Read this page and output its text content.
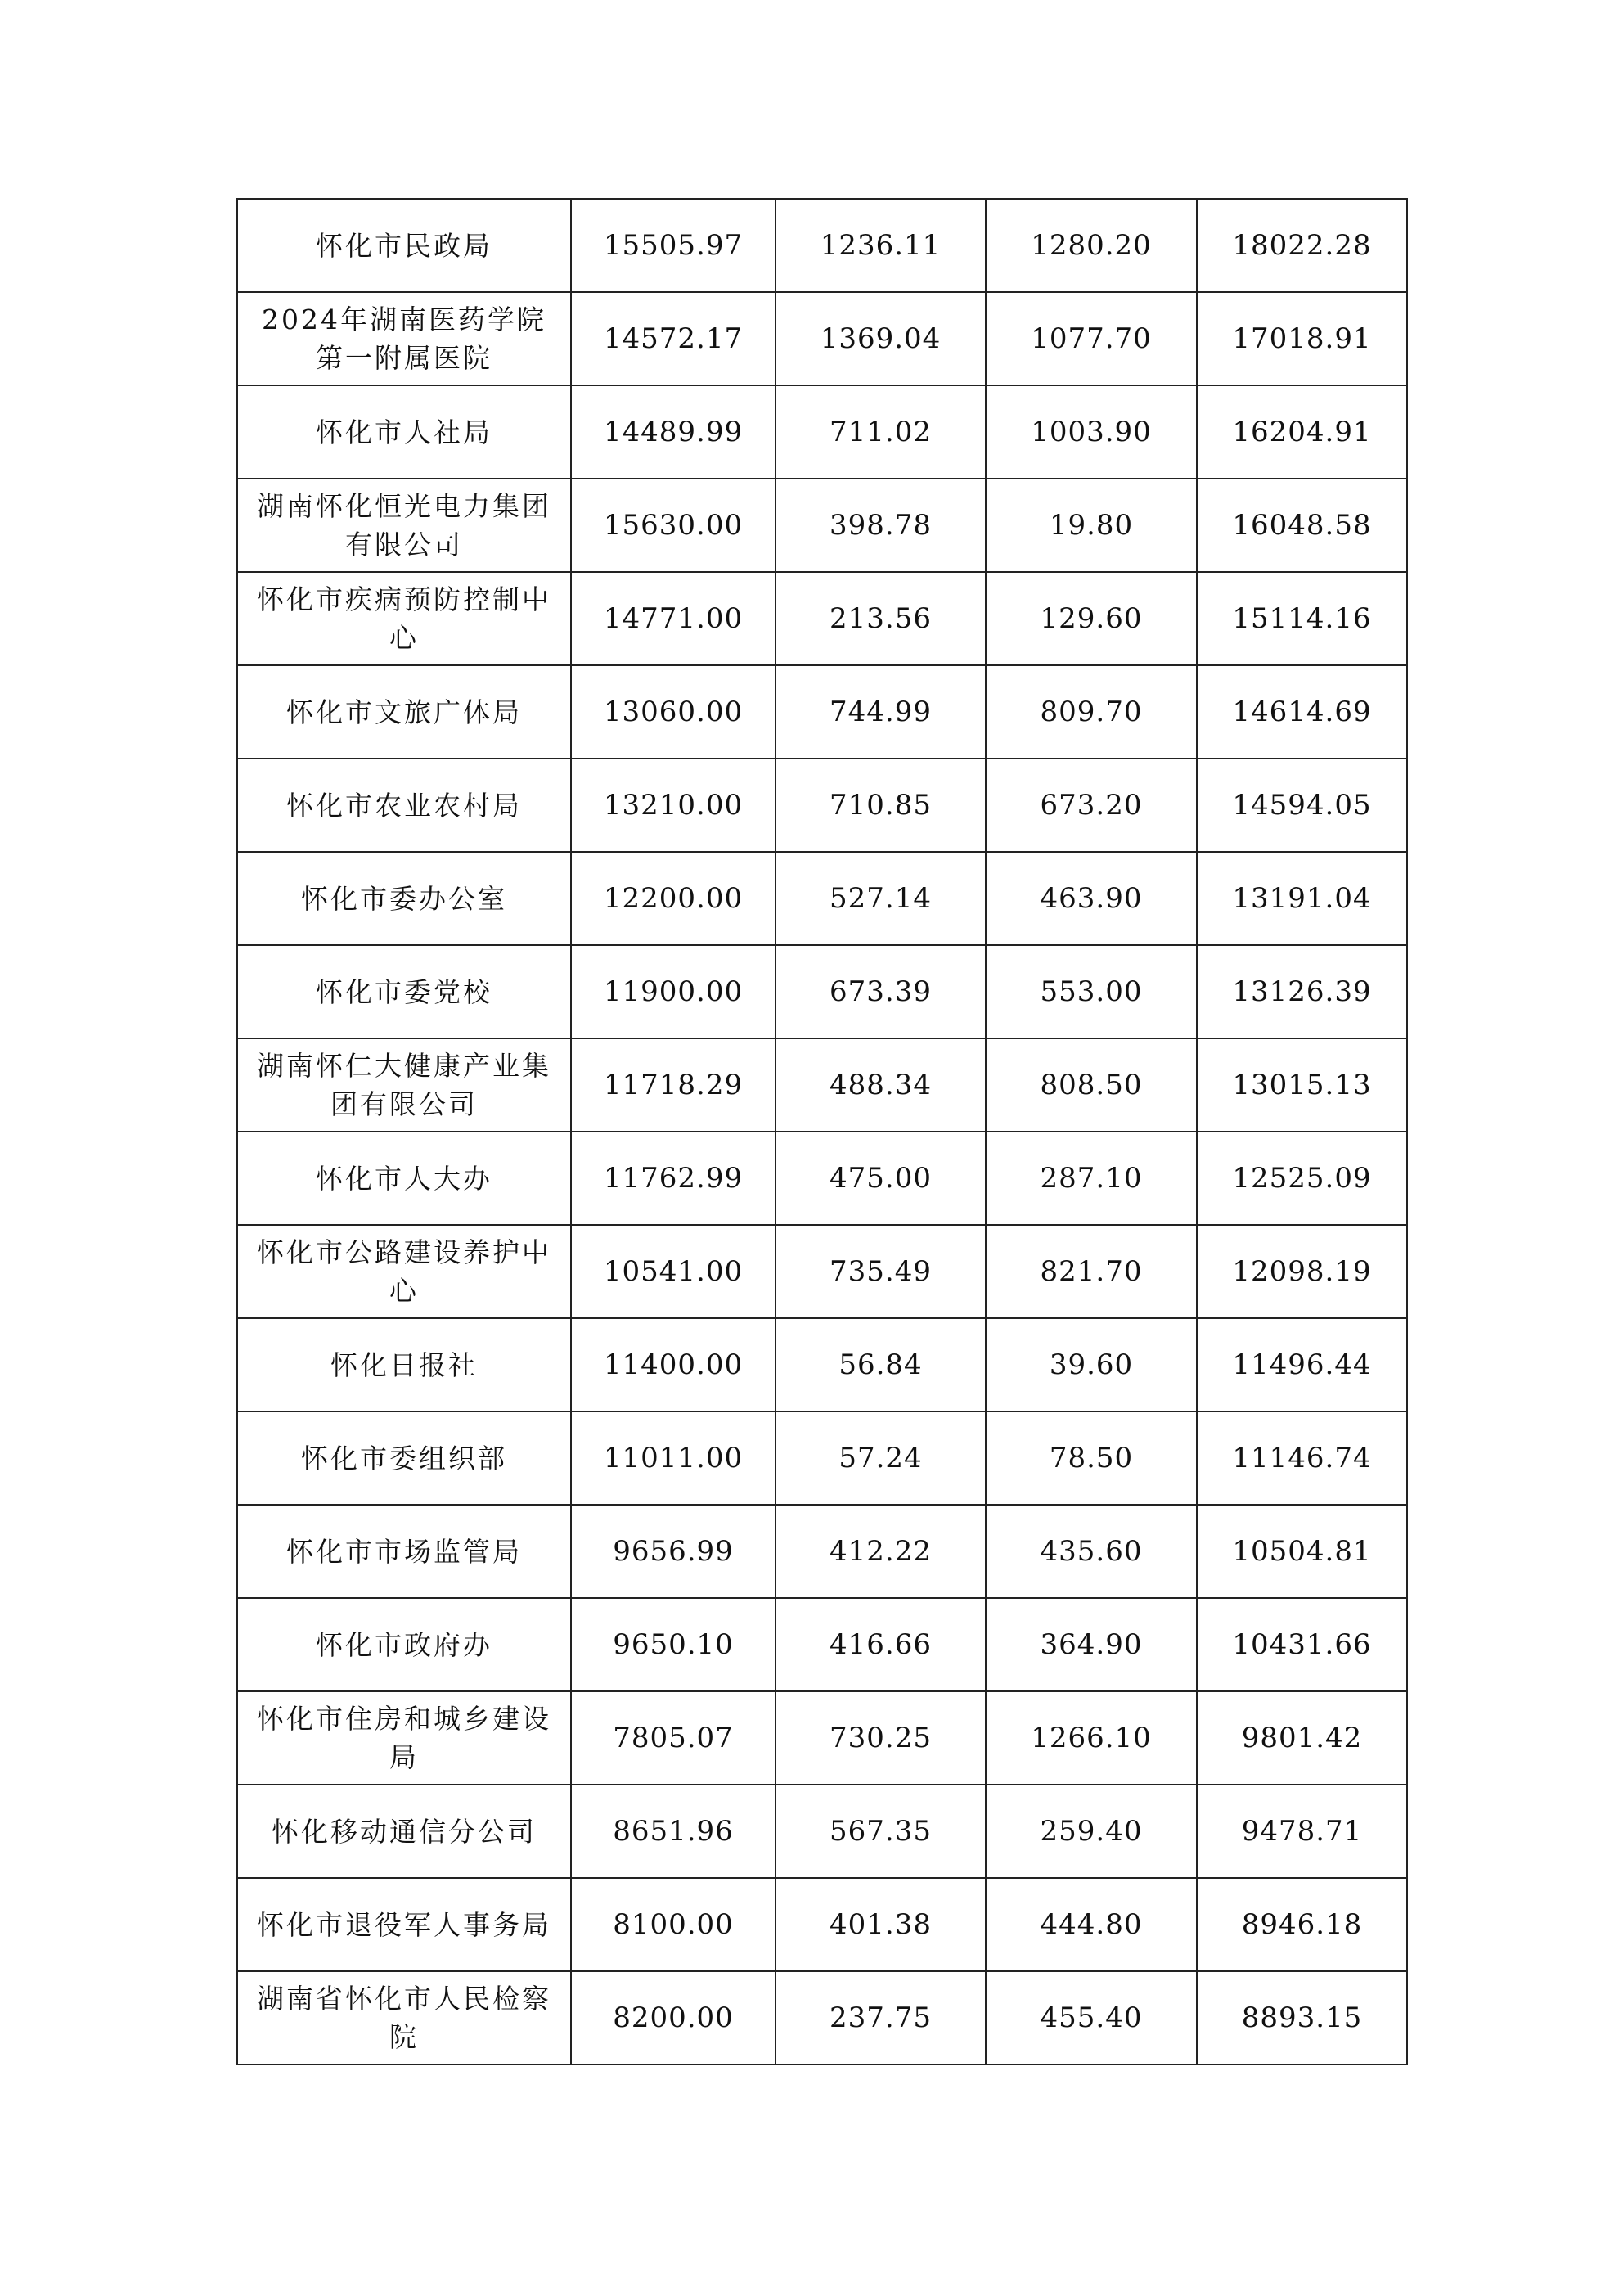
怀化市民政局	15505.97	1236.11	1280.20	18022.28
2024年湖南医药学院第一附属医院	14572.17	1369.04	1077.70	17018.91
怀化市人社局	14489.99	711.02	1003.90	16204.91
湖南怀化恒光电力集团有限公司	15630.00	398.78	19.80	16048.58
怀化市疾病预防控制中心	14771.00	213.56	129.60	15114.16
怀化市文旅广体局	13060.00	744.99	809.70	14614.69
怀化市农业农村局	13210.00	710.85	673.20	14594.05
怀化市委办公室	12200.00	527.14	463.90	13191.04
怀化市委党校	11900.00	673.39	553.00	13126.39
湖南怀仁大健康产业集团有限公司	11718.29	488.34	808.50	13015.13
怀化市人大办	11762.99	475.00	287.10	12525.09
怀化市公路建设养护中心	10541.00	735.49	821.70	12098.19
怀化日报社	11400.00	56.84	39.60	11496.44
怀化市委组织部	11011.00	57.24	78.50	11146.74
怀化市市场监管局	9656.99	412.22	435.60	10504.81
怀化市政府办	9650.10	416.66	364.90	10431.66
怀化市住房和城乡建设局	7805.07	730.25	1266.10	9801.42
怀化移动通信分公司	8651.96	567.35	259.40	9478.71
怀化市退役军人事务局	8100.00	401.38	444.80	8946.18
湖南省怀化市人民检察院	8200.00	237.75	455.40	8893.15
